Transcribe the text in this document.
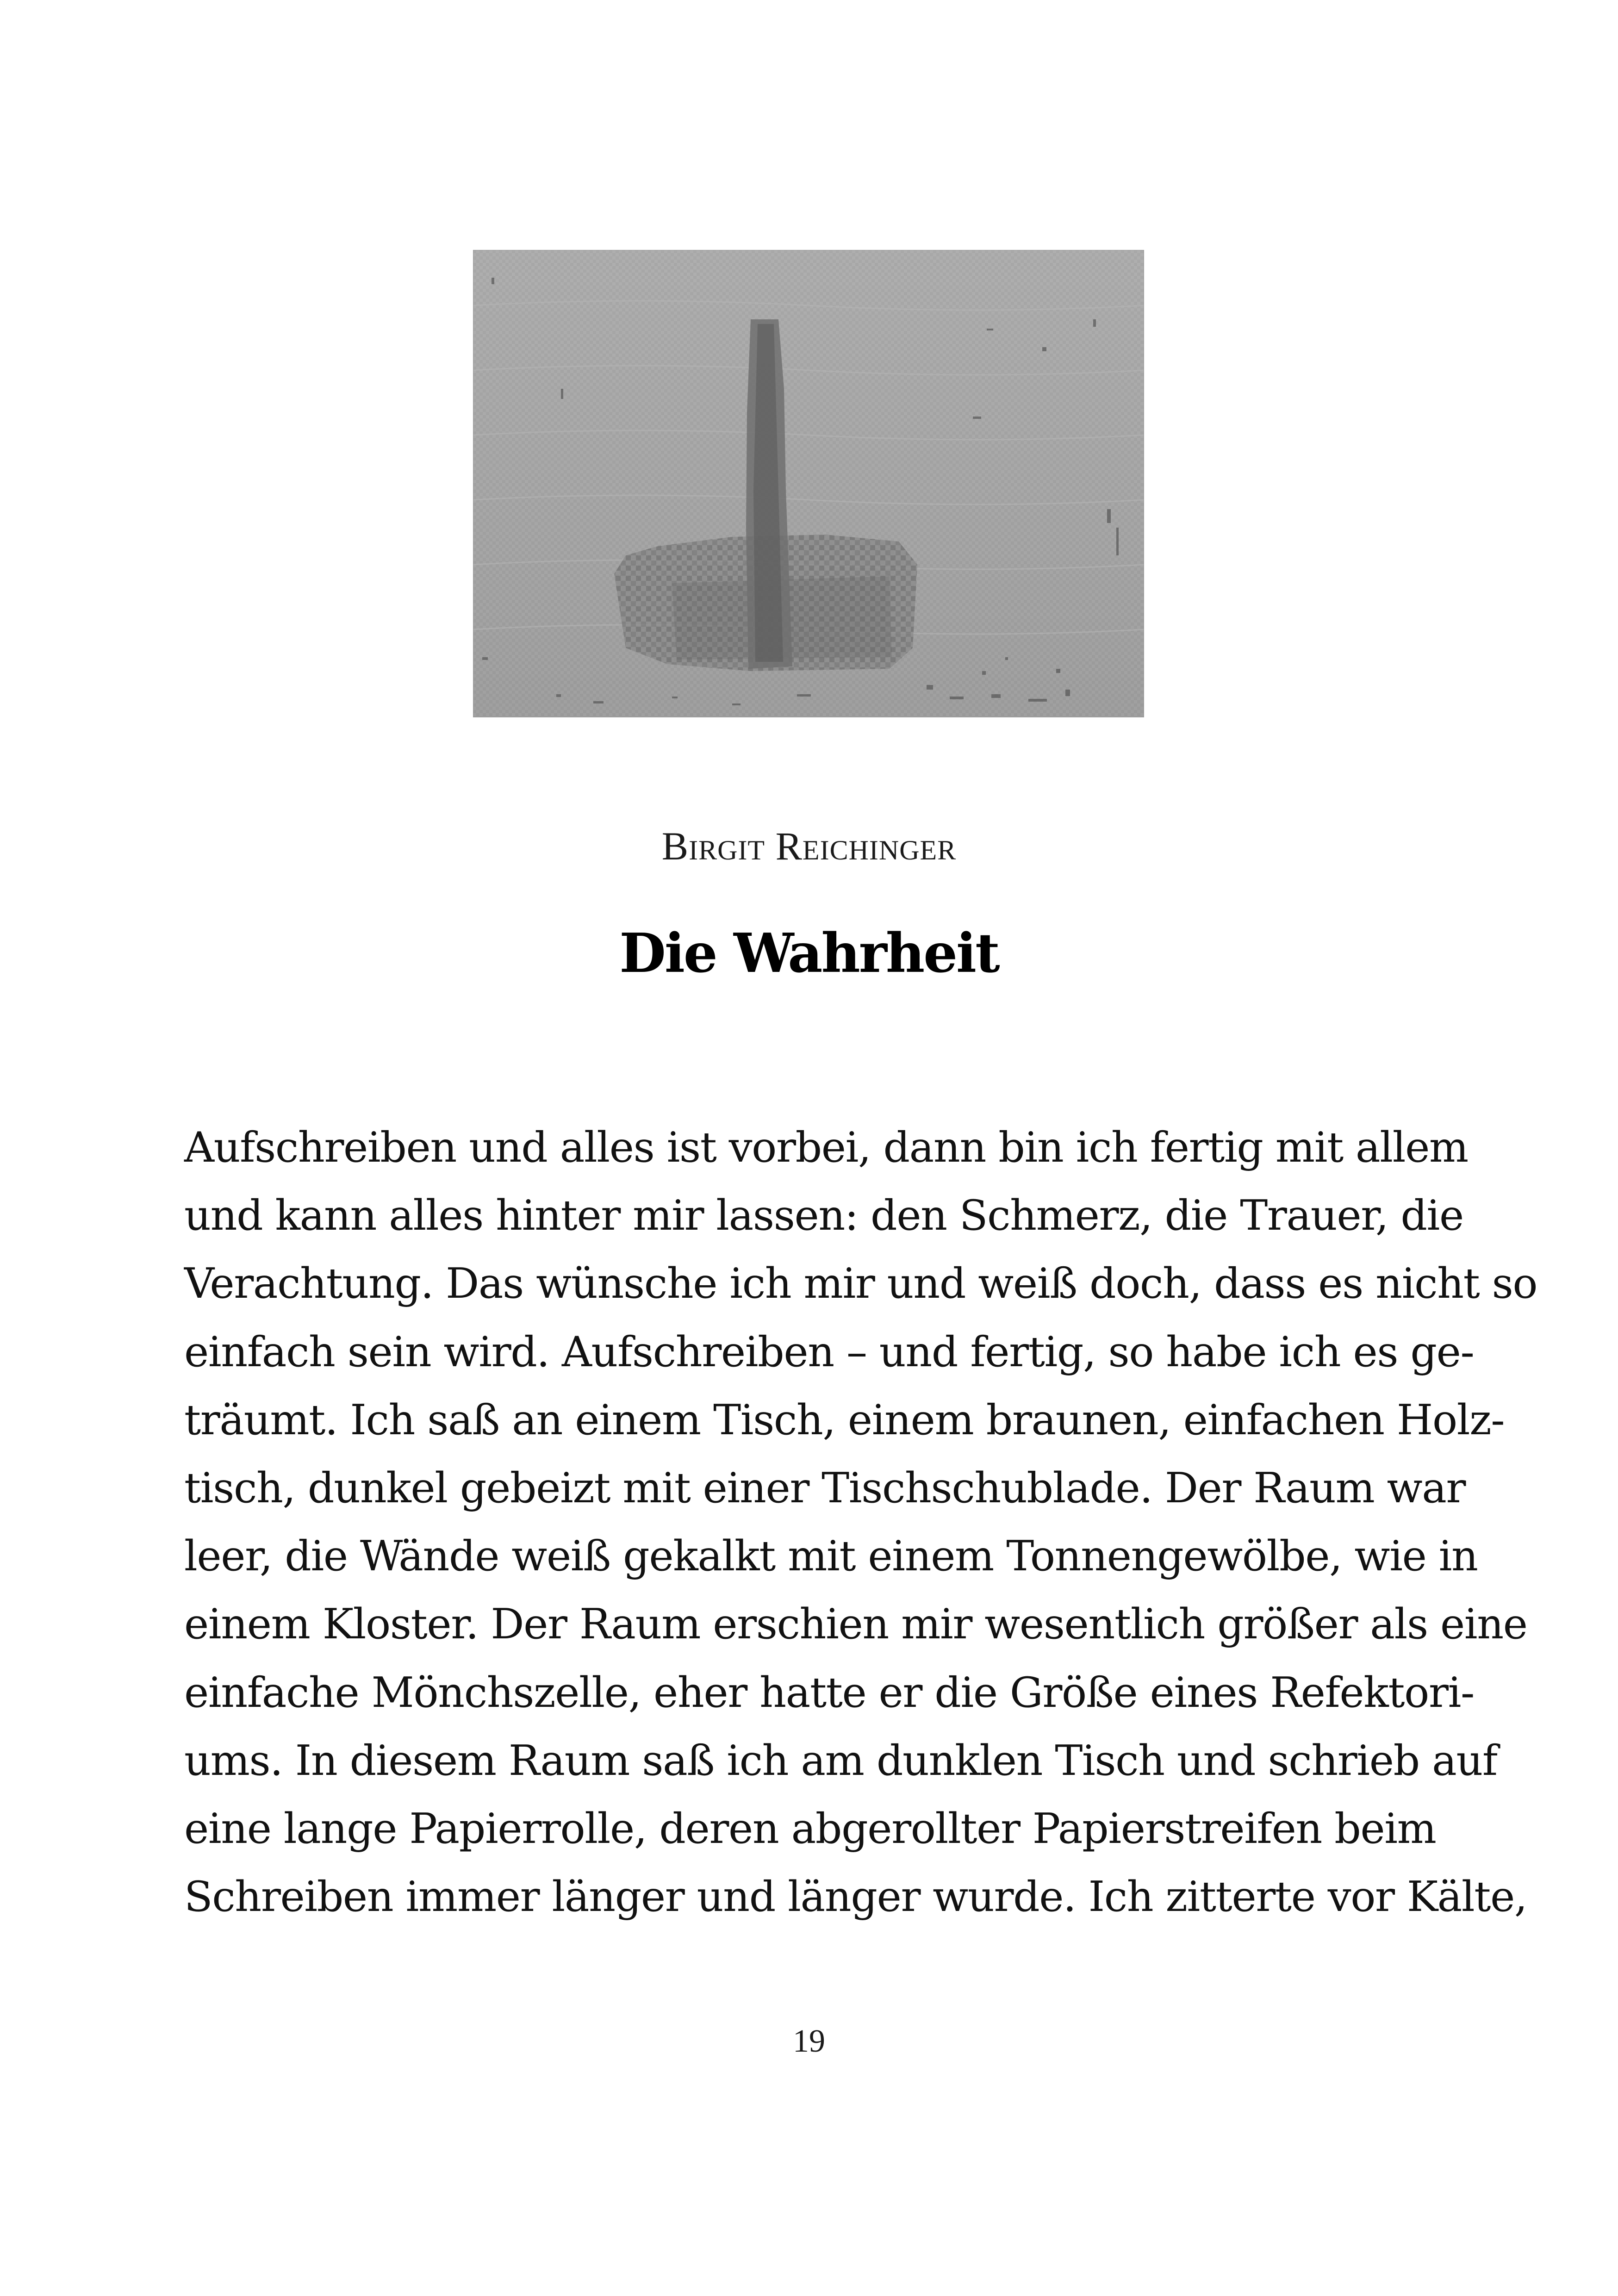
Birgit Reichinger
Die Wahrheit
Aufschreiben und alles ist vorbei, dann bin ich fertig mit allem
und kann alles hinter mir lassen: den Schmerz, die Trauer, die
Verachtung. Das wünsche ich mir und weiß doch, dass es nicht so
einfach sein wird. Aufschreiben – und fertig, so habe ich es ge-
träumt. Ich saß an einem Tisch, einem braunen, einfachen Holz-
tisch, dunkel gebeizt mit einer Tischschublade. Der Raum war
leer, die Wände weiß gekalkt mit einem Tonnengewölbe, wie in
einem Kloster. Der Raum erschien mir wesentlich größer als eine
einfache Mönchszelle, eher hatte er die Größe eines Refektori-
ums. In diesem Raum saß ich am dunklen Tisch und schrieb auf
eine lange Papierrolle, deren abgerollter Papierstreifen beim
Schreiben immer länger und länger wurde. Ich zitterte vor Kälte,
19
